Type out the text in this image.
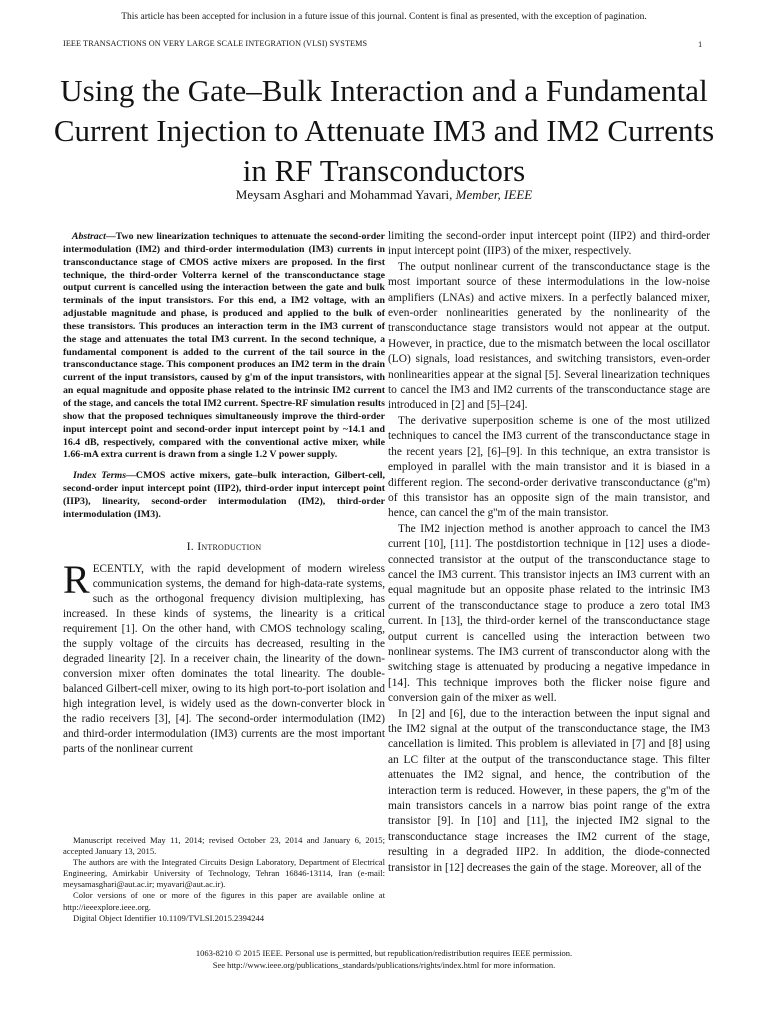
This article has been accepted for inclusion in a future issue of this journal. Content is final as presented, with the exception of pagination.
IEEE TRANSACTIONS ON VERY LARGE SCALE INTEGRATION (VLSI) SYSTEMS	1
Using the Gate–Bulk Interaction and a Fundamental Current Injection to Attenuate IM3 and IM2 Currents in RF Transconductors
Meysam Asghari and Mohammad Yavari, Member, IEEE

Abstract—Two new linearization techniques to attenuate the second-order intermodulation (IM2) and third-order intermodulation (IM3) currents in transconductance stage of CMOS active mixers are proposed. In the first technique, the third-order Volterra kernel of the transconductance stage output current is cancelled using the interaction between the gate and bulk terminals of the input transistors. For this end, a IM2 voltage, with an adjustable magnitude and phase, is produced and applied to the bulk of these transistors. This produces an interaction term in the IM3 current of the stage and attenuates the total IM3 current. In the second technique, a fundamental component is added to the current of the tail source in the transconductance stage. This component produces an IM2 term in the drain current of the input transistors, caused by g'm of the input transistors, with an equal magnitude and opposite phase related to the intrinsic IM2 current of the stage, and cancels the total IM2 current. Spectre-RF simulation results show that the proposed techniques simultaneously improve the third-order input intercept point and second-order input intercept point by ~14.1 and 16.4 dB, respectively, compared with the conventional active mixer, while 1.66-mA extra current is drawn from a single 1.2 V power supply.

Index Terms—CMOS active mixers, gate–bulk interaction, Gilbert-cell, second-order input intercept point (IIP2), third-order input intercept point (IIP3), linearity, second-order intermodulation (IM2), third-order intermodulation (IM3).

I. Introduction

RECENTLY, with the rapid development of modern wireless communication systems, the demand for high-data-rate systems, such as the orthogonal frequency division multiplexing, has increased. In these kinds of systems, the linearity is a critical requirement [1]. On the other hand, with CMOS technology scaling, the supply voltage of the circuits has decreased, resulting in the degraded linearity [2]. In a receiver chain, the linearity of the down-conversion mixer often dominates the total linearity. The double-balanced Gilbert-cell mixer, owing to its high port-to-port isolation and high integration level, is widely used as the down-converter block in the radio receivers [3], [4]. The second-order intermodulation (IM2) and third-order intermodulation (IM3) currents are the most important parts of the nonlinear current

Manuscript received May 11, 2014; revised October 23, 2014 and January 6, 2015; accepted January 13, 2015.

The authors are with the Integrated Circuits Design Laboratory, Department of Electrical Engineering, Amirkabir University of Technology, Tehran 16846-13114, Iran (e-mail: meysamasghari@aut.ac.ir; myavari@aut.ac.ir).

Color versions of one or more of the figures in this paper are available online at http://ieeexplore.ieee.org.

Digital Object Identifier 10.1109/TVLSI.2015.2394244

limiting the second-order input intercept point (IIP2) and third-order input intercept point (IIP3) of the mixer, respectively.

The output nonlinear current of the transconductance stage is the most important source of these intermodulations in the low-noise amplifiers (LNAs) and active mixers. In a perfectly balanced mixer, even-order nonlinearities generated by the nonlinearity of the transconductance stage transistors would not appear at the output. However, in practice, due to the mismatch between the local oscillator (LO) signals, load resistances, and switching transistors, even-order nonlinearities appear at the signal [5]. Several linearization techniques to cancel the IM3 and IM2 currents of the transconductance stage are introduced in [2] and [5]–[24].

The derivative superposition scheme is one of the most utilized techniques to cancel the IM3 current of the transconductance stage in the recent years [2], [6]–[9]. In this technique, an extra transistor is employed in parallel with the main transistor and it is biased in a different region. The second-order derivative transconductance (g''m) of this transistor has an opposite sign of the main transistor, and hence, can cancel the g''m of the main transistor.

The IM2 injection method is another approach to cancel the IM3 current [10], [11]. The postdistortion technique in [12] uses a diode-connected transistor at the output of the transconductance stage to cancel the IM3 current. This transistor injects an IM3 current with an equal magnitude but an opposite phase related to the intrinsic IM3 current of the transconductance stage to produce a zero total IM3 current. In [13], the third-order kernel of the transconductance stage output current is cancelled using the interaction between two nonlinear systems. The IM3 current of transconductor along with the switching stage is attenuated by producing a negative impedance in [14]. This technique improves both the flicker noise figure and conversion gain of the mixer as well.

In [2] and [6], due to the interaction between the input signal and the IM2 signal at the output of the transconductance stage, the IM3 cancellation is limited. This problem is alleviated in [7] and [8] using an LC filter at the output of the transconductance stage. This filter attenuates the IM2 signal, and hence, the contribution of the interaction term is reduced. However, in these papers, the g''m of the main transistors cancels in a narrow bias point range of the extra transistor [9]. In [10] and [11], the injected IM2 signal to the transconductance stage increases the IM2 current of the stage, resulting in a degraded IIP2. In addition, the diode-connected transistor in [12] decreases the gain of the stage. Moreover, all of the

1063-8210 © 2015 IEEE. Personal use is permitted, but republication/redistribution requires IEEE permission.
See http://www.ieee.org/publications_standards/publications/rights/index.html for more information.
